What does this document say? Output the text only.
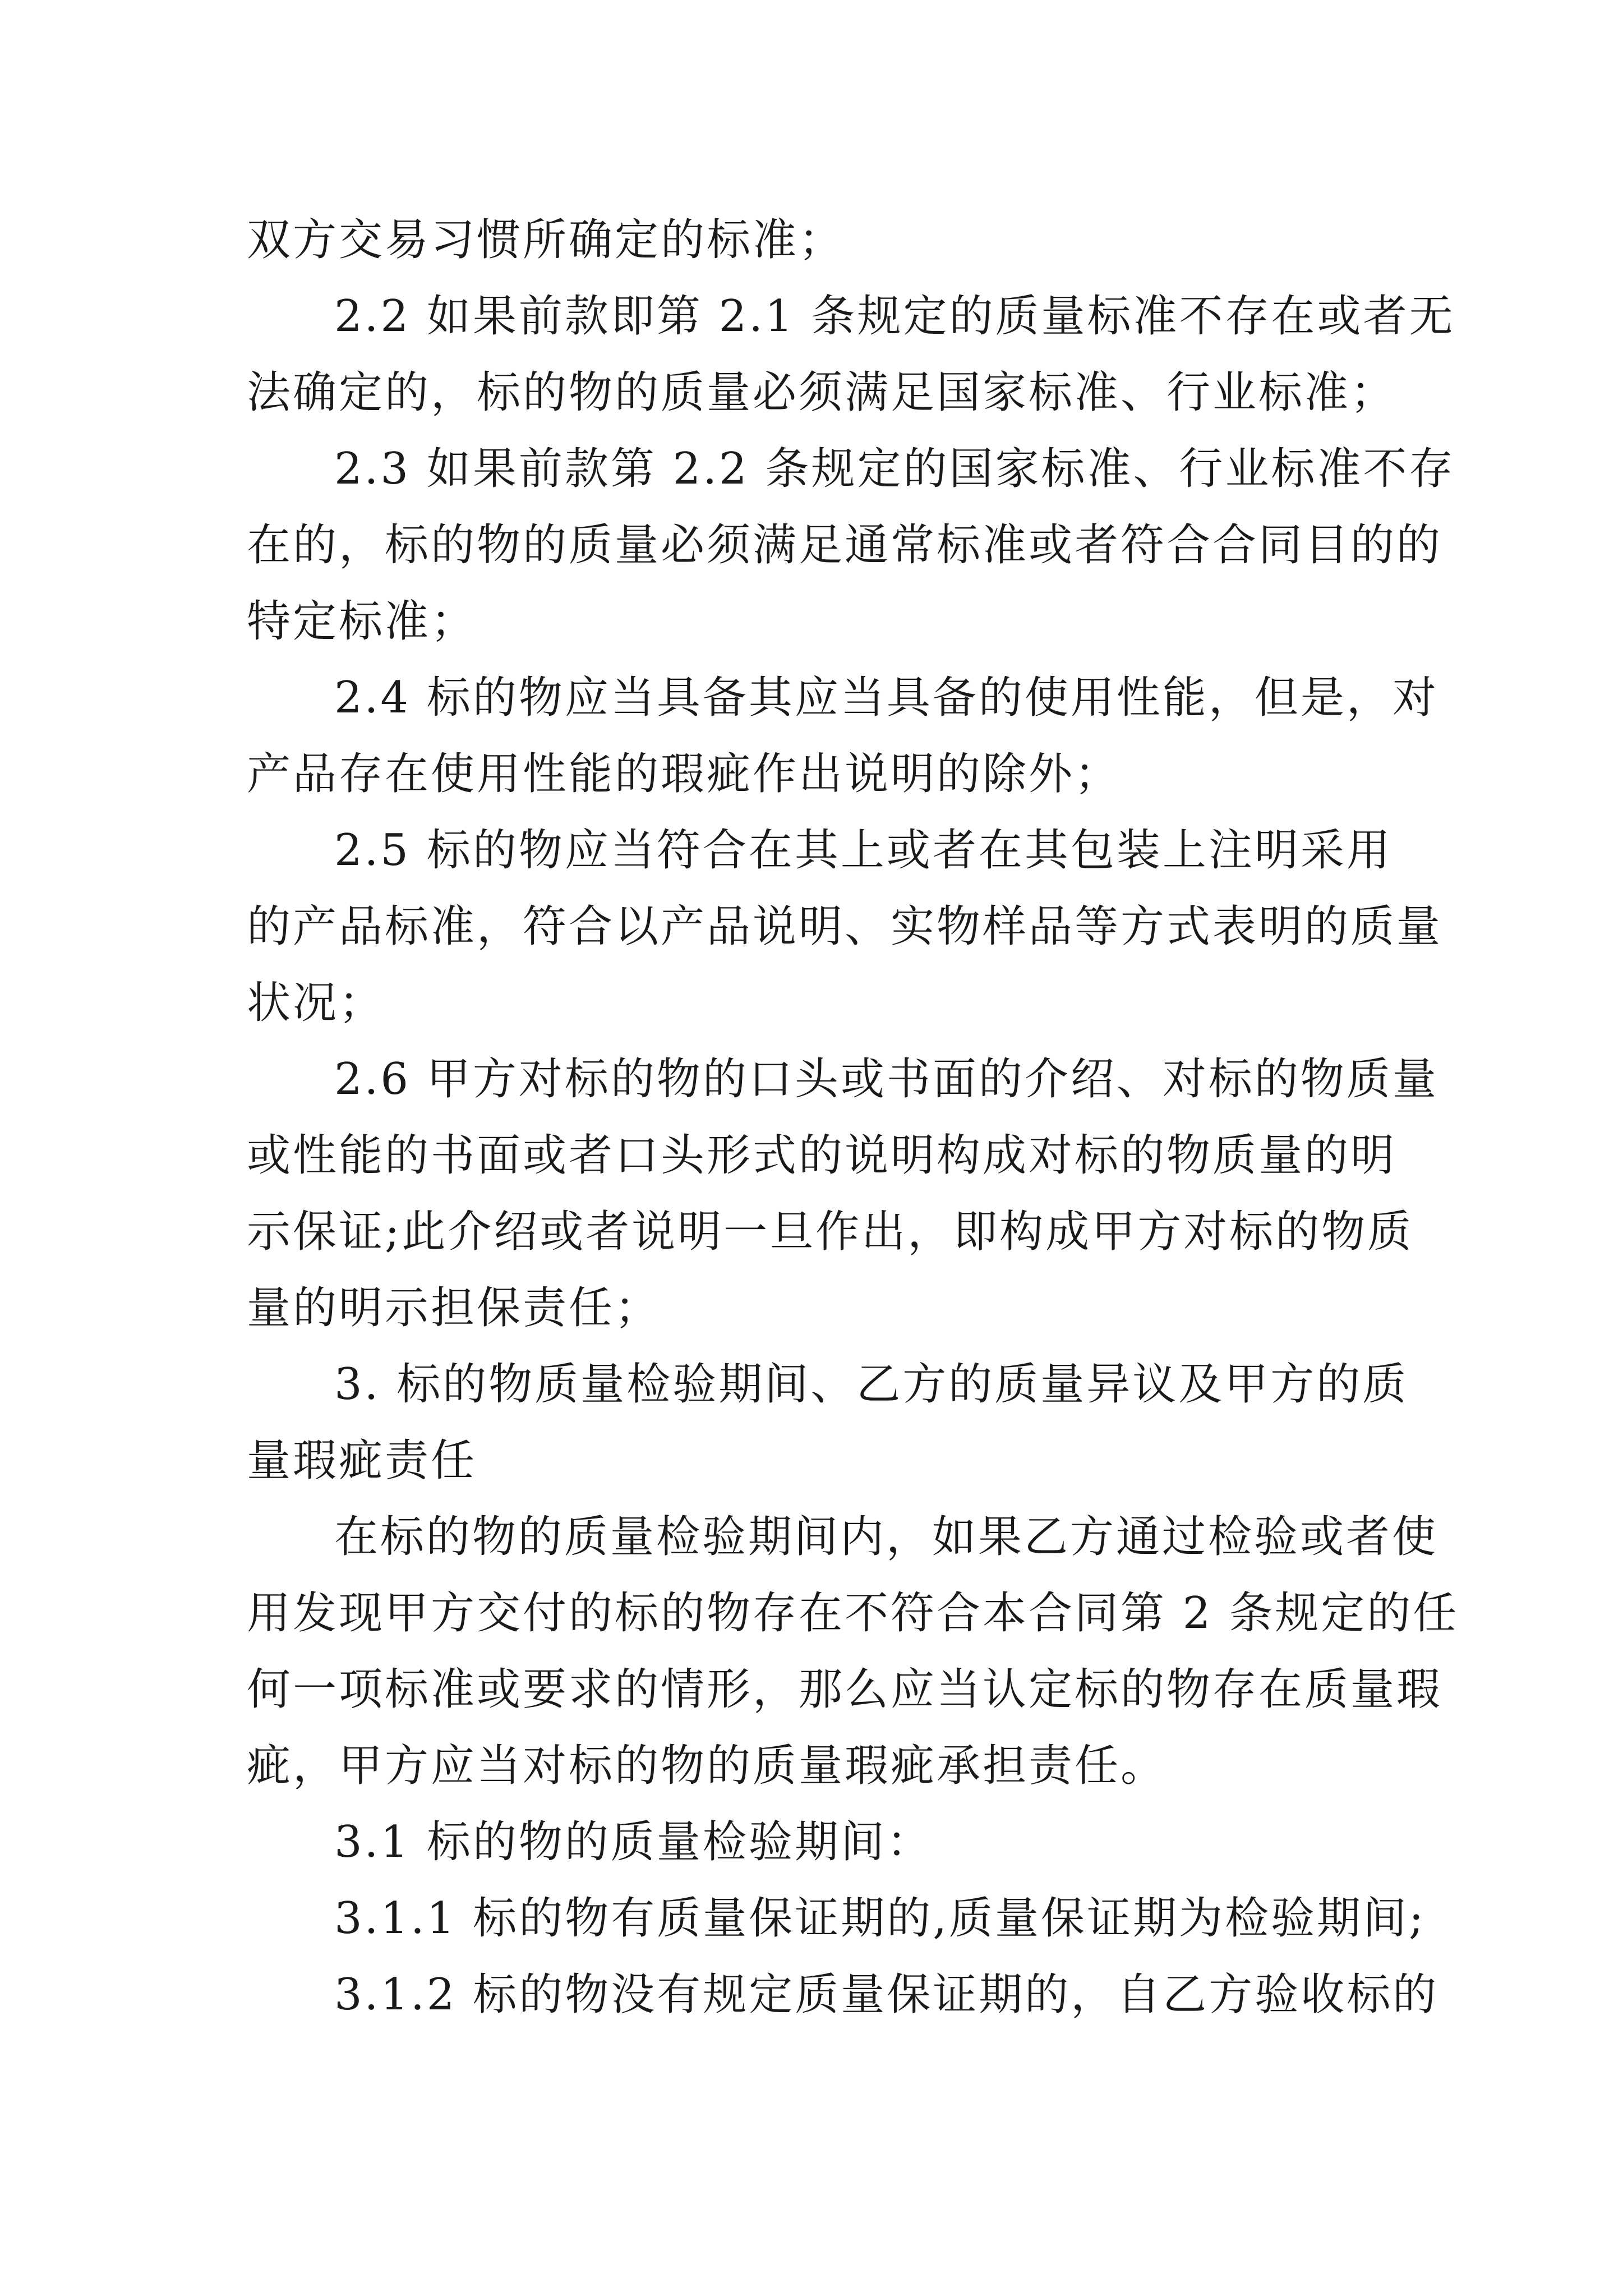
双方交易习惯所确定的标准；
2.2 如果前款即第 2.1 条规定的质量标准不存在或者无
法确定的，标的物的质量必须满足国家标准、行业标准；
2.3 如果前款第 2.2 条规定的国家标准、行业标准不存
在的，标的物的质量必须满足通常标准或者符合合同目的的
特定标准；
2.4 标的物应当具备其应当具备的使用性能，但是，对
产品存在使用性能的瑕疵作出说明的除外；
2.5 标的物应当符合在其上或者在其包装上注明采用
的产品标准，符合以产品说明、实物样品等方式表明的质量
状况；
2.6 甲方对标的物的口头或书面的介绍、对标的物质量
或性能的书面或者口头形式的说明构成对标的物质量的明
示保证;此介绍或者说明一旦作出，即构成甲方对标的物质
量的明示担保责任；
3. 标的物质量检验期间、乙方的质量异议及甲方的质
量瑕疵责任
在标的物的质量检验期间内，如果乙方通过检验或者使
用发现甲方交付的标的物存在不符合本合同第 2 条规定的任
何一项标准或要求的情形，那么应当认定标的物存在质量瑕
疵，甲方应当对标的物的质量瑕疵承担责任。
3.1 标的物的质量检验期间：
3.1.1 标的物有质量保证期的,质量保证期为检验期间;
3.1.2 标的物没有规定质量保证期的，自乙方验收标的
